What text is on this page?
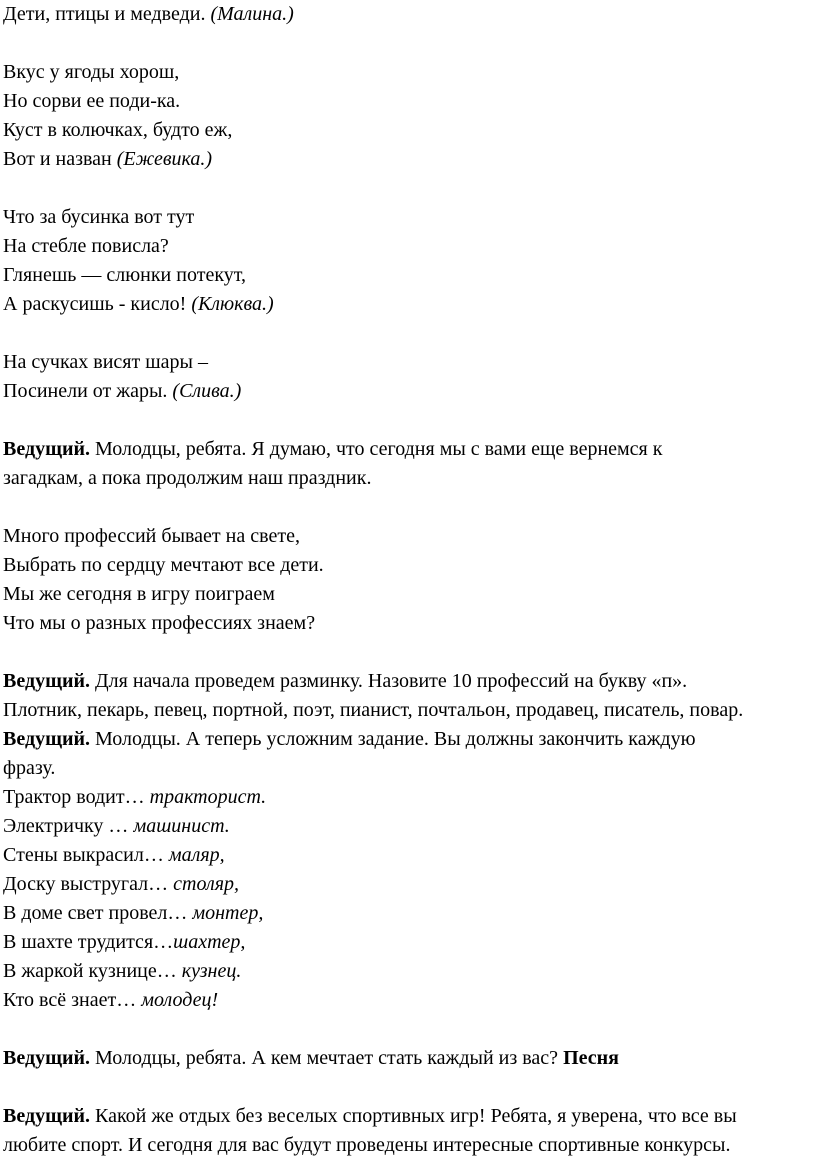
Дети, птицы и медведи. (Малина.)
Вкус у ягоды хорош,
Но сорви ее поди-ка.
Куст в колючках, будто еж,
Вот и назван (Ежевика.)
Что за бусинка вот тут
На стебле повисла?
Глянешь — слюнки потекут,
А раскусишь - кисло! (Клюква.)
На сучках висят шары –
Посинели от жары. (Слива.)
Ведущий. Молодцы, ребята. Я думаю, что сегодня мы с вами еще вернемся к
загадкам, а пока продолжим наш праздник.
Много профессий бывает на свете,
Выбрать по сердцу мечтают все дети.
Мы же сегодня в игру поиграем
Что мы о разных профессиях знаем?
Ведущий. Для начала проведем разминку. Назовите 10 профессий на букву «п».
Плотник, пекарь, певец, портной, поэт, пианист, почтальон, продавец, писатель, повар.
Ведущий. Молодцы. А теперь усложним задание. Вы должны закончить каждую
фразу.
Трактор водит… тракторист.
Электричку … машинист.
Стены выкрасил… маляр,
Доску выстругал… столяр,
В доме свет провел… монтер,
В шахте трудится…шахтер,
В жаркой кузнице… кузнец.
Кто всё знает… молодец!
Ведущий. Молодцы, ребята. А кем мечтает стать каждый из вас? Песня
Ведущий. Какой же отдых без веселых спортивных игр! Ребята, я уверена, что все вы
любите спорт. И сегодня для вас будут проведены интересные спортивные конкурсы.
